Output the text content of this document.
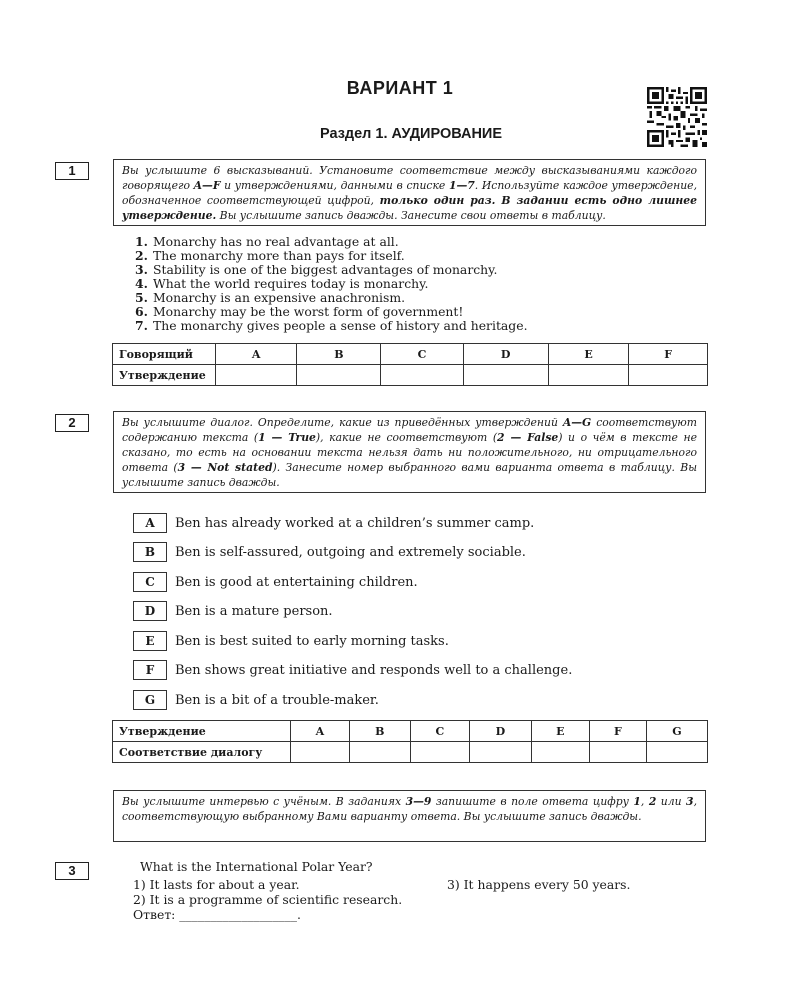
ВАРИАНТ 1
Раздел 1. АУДИРОВАНИЕ
1	Вы услышите 6 высказываний. Установите соответствие между высказываниями каждого говорящего A—F и утверждениями, данными в списке 1—7. Используйте каждое утверждение, обозначенное соответствующей цифрой, только один раз. В задании есть одно лишнее утверждение. Вы услышите запись дважды. Занесите свои ответы в таблицу.
1. Monarchy has no real advantage at all.
2. The monarchy more than pays for itself.
3. Stability is one of the biggest advantages of monarchy.
4. What the world requires today is monarchy.
5. Monarchy is an expensive anachronism.
6. Monarchy may be the worst form of government!
7. The monarchy gives people a sense of history and heritage.
Говорящий	A	B	C	D	E	F
Утверждение						
2	Вы услышите диалог. Определите, какие из приведённых утверждений A—G соответствуют содержанию текста (1 — True), какие не соответствуют (2 — False) и о чём в тексте не сказано, то есть на основании текста нельзя дать ни положительного, ни отрицательного ответа (3 — Not stated). Занесите номер выбранного вами варианта ответа в таблицу. Вы услышите запись дважды.
A Ben has already worked at a children’s summer camp.
B Ben is self-assured, outgoing and extremely sociable.
C Ben is good at entertaining children.
D Ben is a mature person.
E Ben is best suited to early morning tasks.
F Ben shows great initiative and responds well to a challenge.
G Ben is a bit of a trouble-maker.
Утверждение	A	B	C	D	E	F	G
Соответствие диалогу							
Вы услышите интервью с учёным. В заданиях 3—9 запишите в поле ответа цифру 1, 2 или 3, соответствующую выбранному Вами варианту ответа. Вы услышите запись дважды.
3	What is the International Polar Year?
1) It lasts for about a year.	3) It happens every 50 years.
2) It is a programme of scientific research.
Ответ: ___________________.
